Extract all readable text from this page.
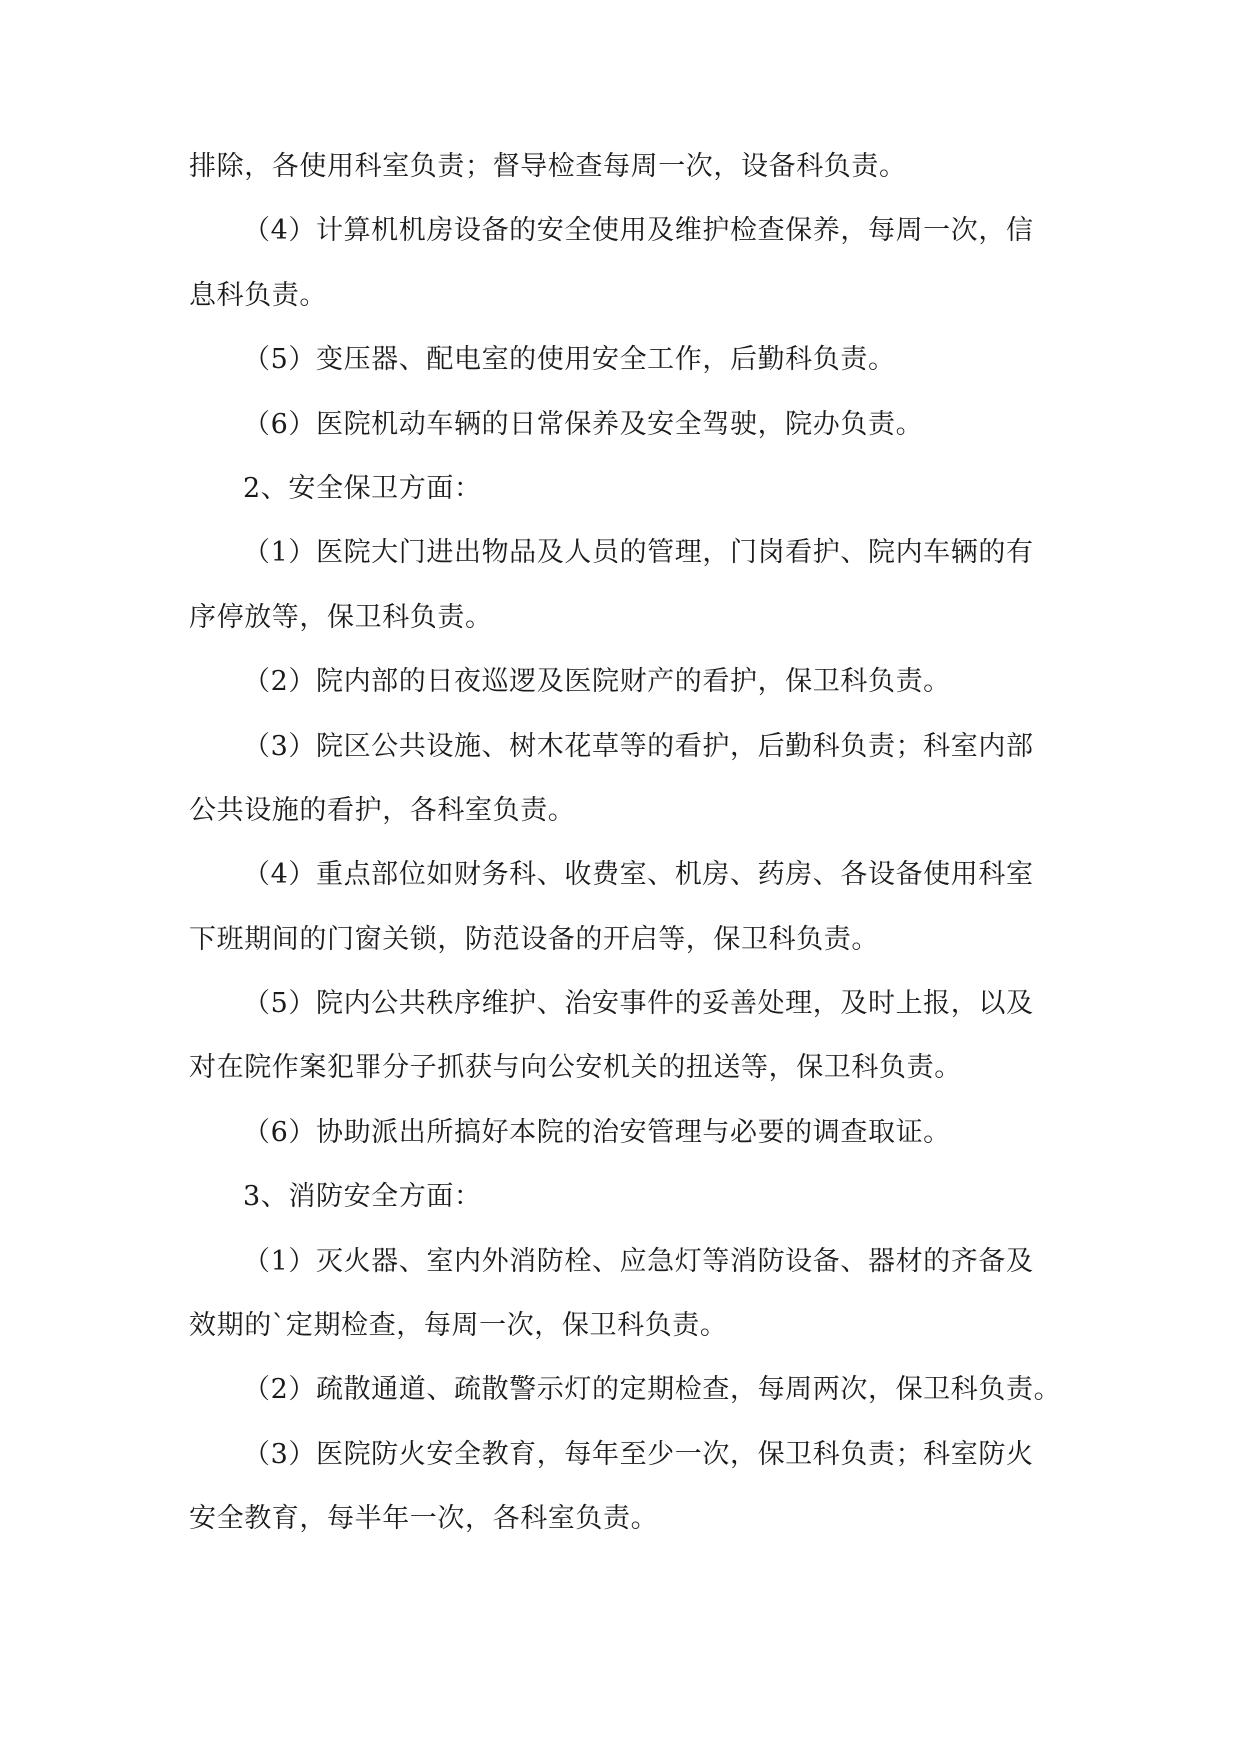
排除，各使用科室负责；督导检查每周一次，设备科负责。
（4）计算机机房设备的安全使用及维护检查保养，每周一次，信
息科负责。
（5）变压器、配电室的使用安全工作，后勤科负责。
（6）医院机动车辆的日常保养及安全驾驶，院办负责。
2、安全保卫方面：
（1）医院大门进出物品及人员的管理，门岗看护、院内车辆的有
序停放等，保卫科负责。
（2）院内部的日夜巡逻及医院财产的看护，保卫科负责。
（3）院区公共设施、树木花草等的看护，后勤科负责；科室内部
公共设施的看护，各科室负责。
（4）重点部位如财务科、收费室、机房、药房、各设备使用科室
下班期间的门窗关锁，防范设备的开启等，保卫科负责。
（5）院内公共秩序维护、治安事件的妥善处理，及时上报，以及
对在院作案犯罪分子抓获与向公安机关的扭送等，保卫科负责。
（6）协助派出所搞好本院的治安管理与必要的调查取证。
3、消防安全方面：
（1）灭火器、室内外消防栓、应急灯等消防设备、器材的齐备及
效期的`定期检查，每周一次，保卫科负责。
（2）疏散通道、疏散警示灯的定期检查，每周两次，保卫科负责。
（3）医院防火安全教育，每年至少一次，保卫科负责；科室防火
安全教育，每半年一次，各科室负责。
